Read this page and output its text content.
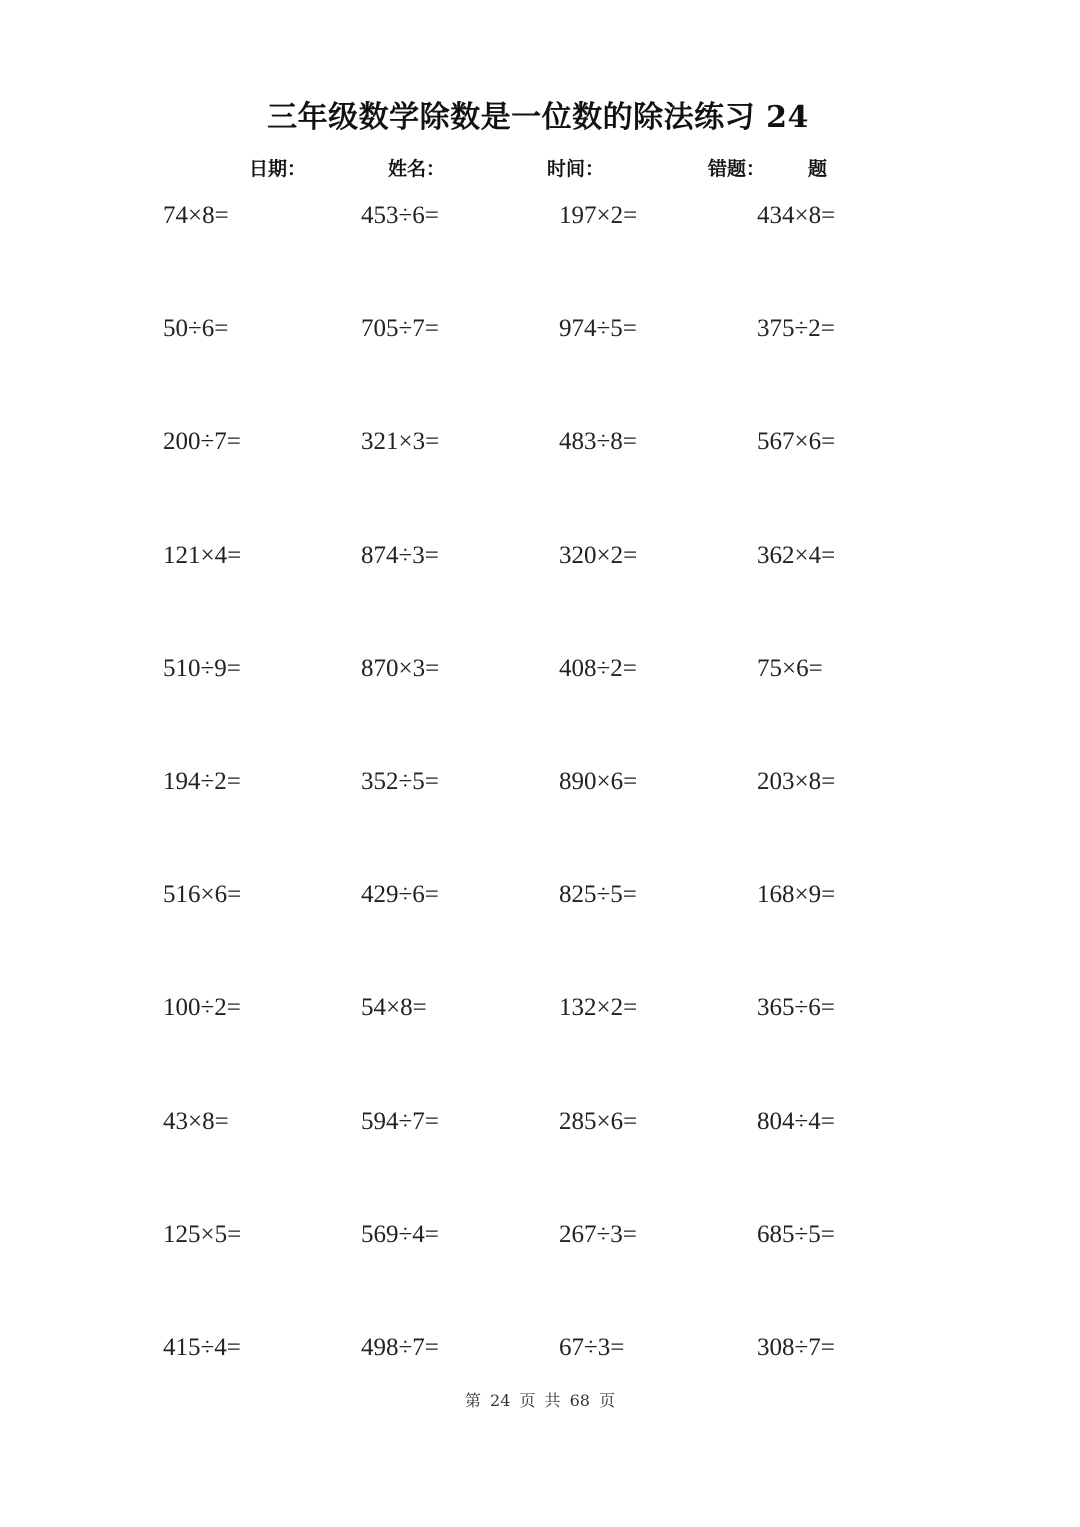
三年级数学除数是一位数的除法练习 24
日期：	姓名：	时间：	错题： 题
74×8=	453÷6=	197×2=	434×8=
50÷6=	705÷7=	974÷5=	375÷2=
200÷7=	321×3=	483÷8=	567×6=
121×4=	874÷3=	320×2=	362×4=
510÷9=	870×3=	408÷2=	75×6=
194÷2=	352÷5=	890×6=	203×8=
516×6=	429÷6=	825÷5=	168×9=
100÷2=	54×8=	132×2=	365÷6=
43×8=	594÷7=	285×6=	804÷4=
125×5=	569÷4=	267÷3=	685÷5=
415÷4=	498÷7=	67÷3=	308÷7=
第 24 页 共 68 页
